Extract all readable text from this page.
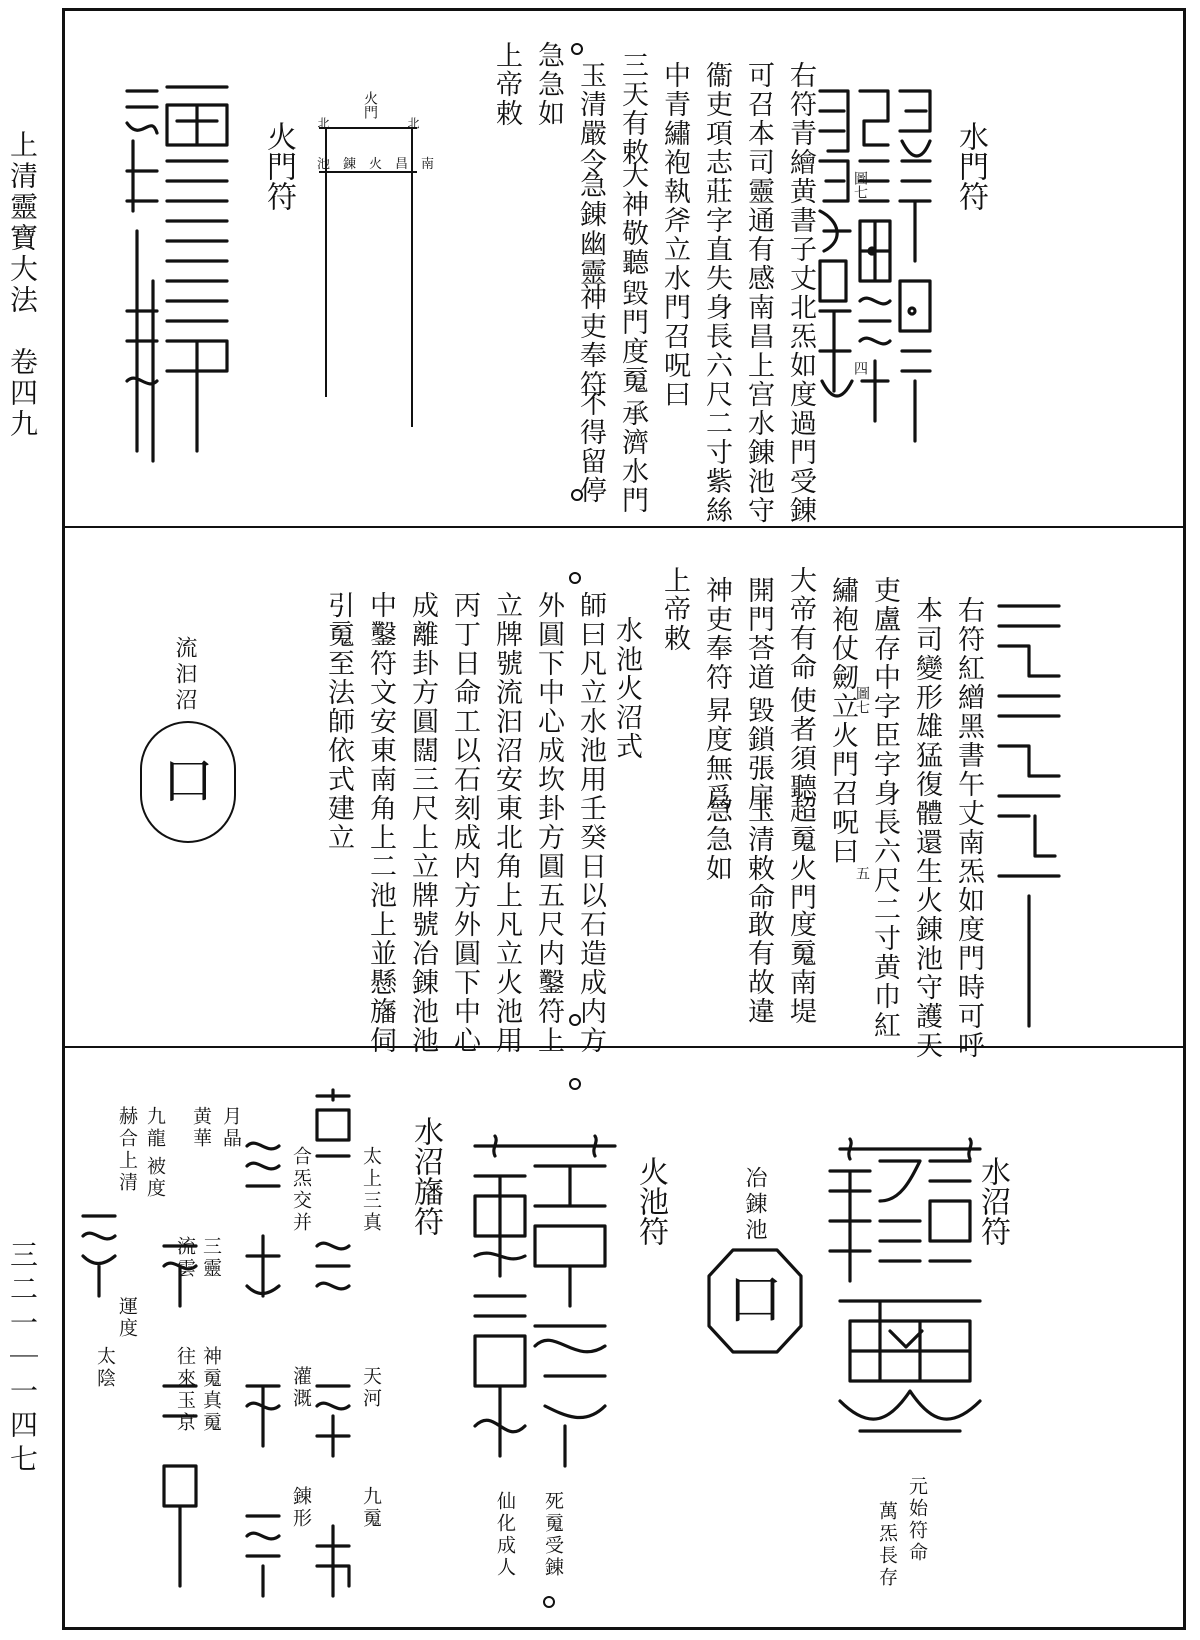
上清靈寶大法　卷四九
三二一｜一四七
水門符
圖七
四
右符青繪黄書子丈北炁如度過門受錬
可召本司靈通有感南昌上宫水錬池守
衞吏項志莊字直失身長六尺二寸紫絲
中青繡袍執斧立水門召呪曰
三天有敕
大神敬聽
毀門度䰟
承濟水門
玉清嚴令
急錬幽靈
神吏奉符
不得留停
急急如
上帝敕
火門
北	北
池　錬　火　昌　南
火門符
圖七
五	右符紅繒黑書午丈南炁如度門時可呼
本司變形雄猛復體還生火錬池守護天
吏盧存中字臣字身長六尺二寸黄巾紅
繡袍仗劒立火門召呪曰
大帝有命
使者須聽
超䰟火門
度䰟南堤
開門荅道
毀鎖張扉
玉清敕命
敢有故違
神吏奉符
昇度無爲
急急如
上帝敕
水池火沼式
師曰凡立水池用壬癸日以石造成内方
外圓下中心成坎卦方圓五尺内鑿符上
立牌號流汩沼安東北角上凡立火池用
丙丁日命工以石刻成内方外圓下中心
成離卦方圓闊三尺上立牌號冶錬池池
中鑿符文安東南角上二池上並懸旛伺
引䰟至法師依式建立
流汩沼
口
水沼符
元始符命
萬炁長存
冶錬池
口
火池符
死䰟受錬
仙化成人
水沼旛符
太上三真
天河
九䰟
合炁交并
灌溉
錬形
月晶
三靈
神䰟真䰟
黄華
流雲
往來玉京
九龍
被度
赫合上清
運度
太陰
